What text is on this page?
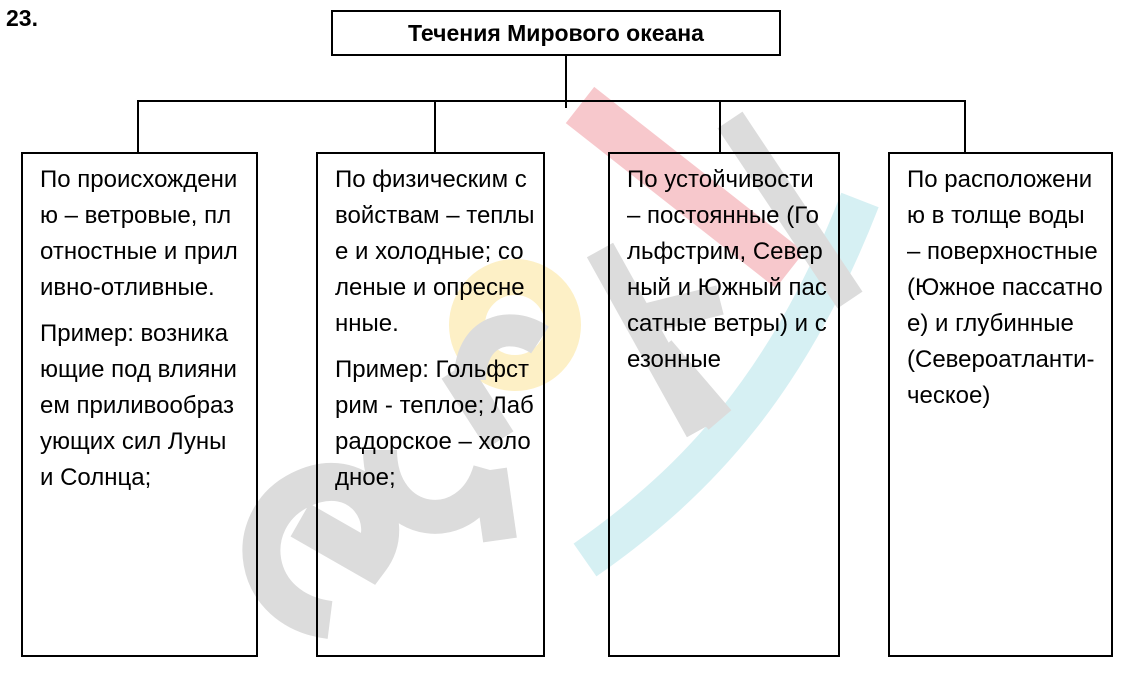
23.
Течения Мирового океана

По происхождению – ветровые, плотностные и приливно-отливные.

Пример: возникающие под влиянием приливообразующих сил Луны и Солнца;

По физическим свойствам – теплые и холодные; соленые и опресненные.

Пример: Гольфстрим - теплое; Лабрадорское – холодное;

По устойчивости – постоянные (Гольфстрим, Северный и Южный пассатные ветры) и сезонные

По расположению в толще воды – поверхностные (Южное пассатное) и глубинные (Североатланти-ческое)
